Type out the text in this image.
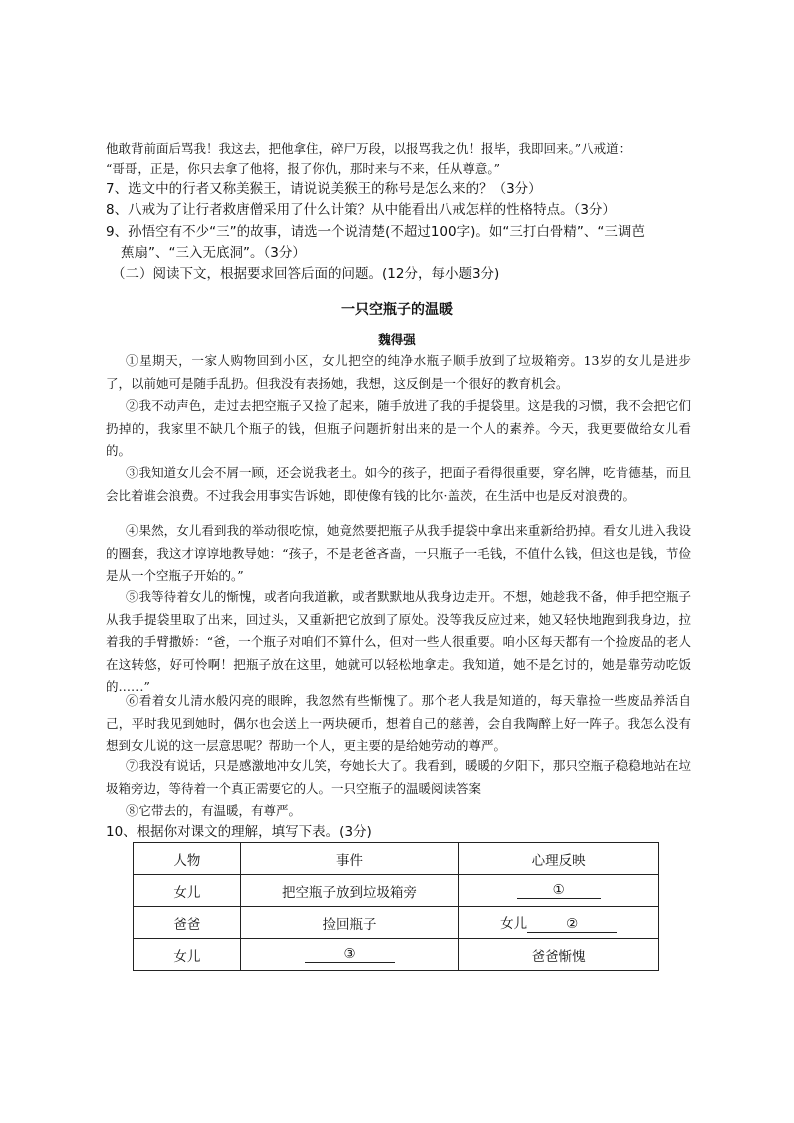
他敢背前面后骂我！我这去，把他拿住，碎尸万段，以报骂我之仇！报毕，我即回来。”八戒道：
“哥哥，正是，你只去拿了他将，报了你仇，那时来与不来，任从尊意。”
7、选文中的行者又称美猴王，请说说美猴王的称号是怎么来的？（3分）
8、八戒为了让行者救唐僧采用了什么计策？从中能看出八戒怎样的性格特点。（3分）
9、孙悟空有不少“三”的故事，请选一个说清楚(不超过100字)。如“三打白骨精”、“三调芭
蕉扇”、“三入无底洞”。（3分）
（二）阅读下文，根据要求回答后面的问题。(12分，每小题3分)
一只空瓶子的温暖
魏得强
①星期天，一家人购物回到小区，女儿把空的纯净水瓶子顺手放到了垃圾箱旁。13岁的女儿是进步了，以前她可是随手乱扔。但我没有表扬她，我想，这反倒是一个很好的教育机会。
②我不动声色，走过去把空瓶子又捡了起来，随手放进了我的手提袋里。这是我的习惯，我不会把它们扔掉的，我家里不缺几个瓶子的钱，但瓶子问题折射出来的是一个人的素养。今天，我更要做给女儿看的。
③我知道女儿会不屑一顾，还会说我老土。如今的孩子，把面子看得很重要，穿名牌，吃肯德基，而且会比着谁会浪费。不过我会用事实告诉她，即使像有钱的比尔·盖茨，在生活中也是反对浪费的。
④果然，女儿看到我的举动很吃惊，她竟然要把瓶子从我手提袋中拿出来重新给扔掉。看女儿进入我设的圈套，我这才谆谆地教导她：“孩子，不是老爸吝啬，一只瓶子一毛钱，不值什么钱，但这也是钱，节俭是从一个空瓶子开始的。”
⑤我等待着女儿的惭愧，或者向我道歉，或者默默地从我身边走开。不想，她趁我不备，伸手把空瓶子从我手提袋里取了出来，回过头，又重新把它放到了原处。没等我反应过来，她又轻快地跑到我身边，拉着我的手臂撒娇：“爸，一个瓶子对咱们不算什么，但对一些人很重要。咱小区每天都有一个捡废品的老人在这转悠，好可怜啊！把瓶子放在这里，她就可以轻松地拿走。我知道，她不是乞讨的，她是靠劳动吃饭的……”
⑥看着女儿清水般闪亮的眼眸，我忽然有些惭愧了。那个老人我是知道的，每天靠捡一些废品养活自己，平时我见到她时，偶尔也会送上一两块硬币，想着自己的慈善，会自我陶醉上好一阵子。我怎么没有想到女儿说的这一层意思呢？帮助一个人，更主要的是给她劳动的尊严。
⑦我没有说话，只是感激地冲女儿笑，夸她长大了。我看到，暖暖的夕阳下，那只空瓶子稳稳地站在垃圾箱旁边，等待着一个真正需要它的人。一只空瓶子的温暖阅读答案
⑧它带去的，有温暖，有尊严。
10、根据你对课文的理解，填写下表。(3分)
人物	事件	心理反映
女儿	把空瓶子放到垃圾箱旁	①
爸爸	捡回瓶子	女儿 ②
女儿	③	爸爸惭愧
